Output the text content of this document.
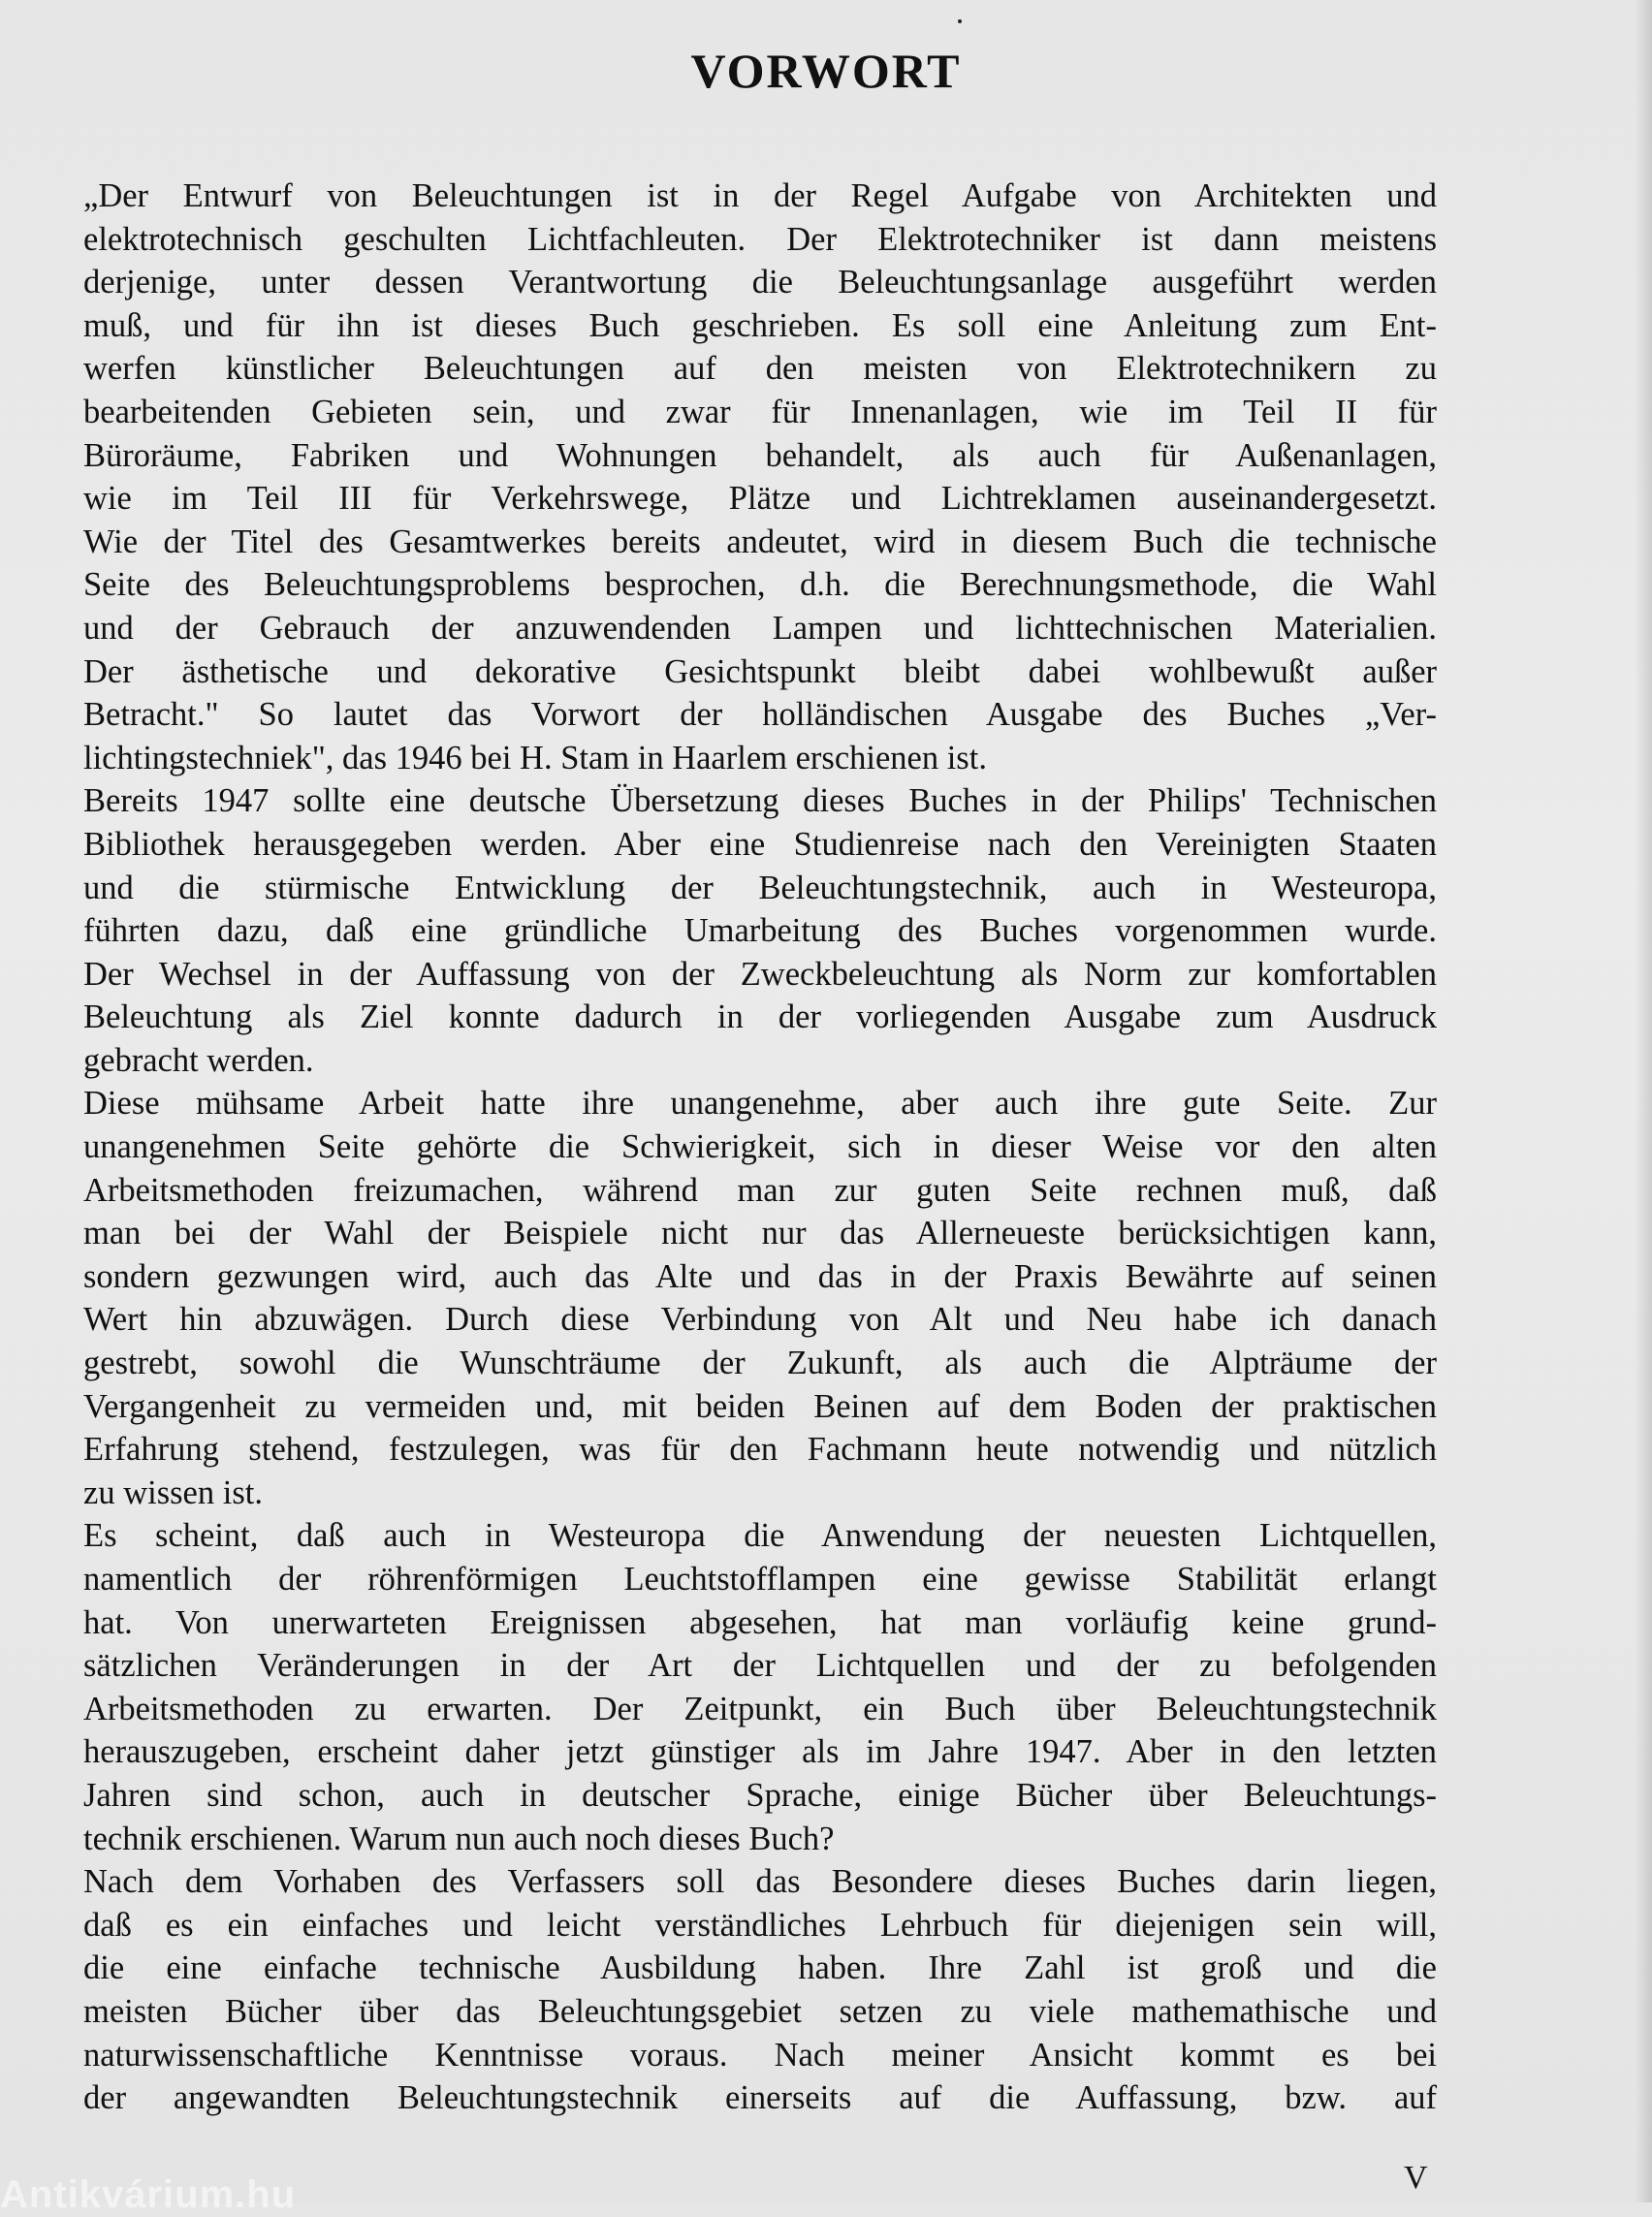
VORWORT

„Der Entwurf von Beleuchtungen ist in der Regel Aufgabe von Architekten und

elektrotechnisch geschulten Lichtfachleuten. Der Elektrotechniker ist dann meistens

derjenige, unter dessen Verantwortung die Beleuchtungsanlage ausgeführt werden

muß, und für ihn ist dieses Buch geschrieben. Es soll eine Anleitung zum Ent-

werfen künstlicher Beleuchtungen auf den meisten von Elektrotechnikern zu

bearbeitenden Gebieten sein, und zwar für Innenanlagen, wie im Teil II für

Büroräume, Fabriken und Wohnungen behandelt, als auch für Außenanlagen,

wie im Teil III für Verkehrswege, Plätze und Lichtreklamen auseinandergesetzt.

Wie der Titel des Gesamtwerkes bereits andeutet, wird in diesem Buch die technische

Seite des Beleuchtungsproblems besprochen, d.h. die Berechnungsmethode, die Wahl

und der Gebrauch der anzuwendenden Lampen und lichttechnischen Materialien.

Der ästhetische und dekorative Gesichtspunkt bleibt dabei wohlbewußt außer

Betracht." So lautet das Vorwort der holländischen Ausgabe des Buches „Ver-

lichtingstechniek", das 1946 bei H. Stam in Haarlem erschienen ist.

Bereits 1947 sollte eine deutsche Übersetzung dieses Buches in der Philips' Technischen

Bibliothek herausgegeben werden. Aber eine Studienreise nach den Vereinigten Staaten

und die stürmische Entwicklung der Beleuchtungstechnik, auch in Westeuropa,

führten dazu, daß eine gründliche Umarbeitung des Buches vorgenommen wurde.

Der Wechsel in der Auffassung von der Zweckbeleuchtung als Norm zur komfortablen

Beleuchtung als Ziel konnte dadurch in der vorliegenden Ausgabe zum Ausdruck

gebracht werden.

Diese mühsame Arbeit hatte ihre unangenehme, aber auch ihre gute Seite. Zur

unangenehmen Seite gehörte die Schwierigkeit, sich in dieser Weise vor den alten

Arbeitsmethoden freizumachen, während man zur guten Seite rechnen muß, daß

man bei der Wahl der Beispiele nicht nur das Allerneueste berücksichtigen kann,

sondern gezwungen wird, auch das Alte und das in der Praxis Bewährte auf seinen

Wert hin abzuwägen. Durch diese Verbindung von Alt und Neu habe ich danach

gestrebt, sowohl die Wunschträume der Zukunft, als auch die Alpträume der

Vergangenheit zu vermeiden und, mit beiden Beinen auf dem Boden der praktischen

Erfahrung stehend, festzulegen, was für den Fachmann heute notwendig und nützlich

zu wissen ist.

Es scheint, daß auch in Westeuropa die Anwendung der neuesten Lichtquellen,

namentlich der röhrenförmigen Leuchtstofflampen eine gewisse Stabilität erlangt

hat. Von unerwarteten Ereignissen abgesehen, hat man vorläufig keine grund-

sätzlichen Veränderungen in der Art der Lichtquellen und der zu befolgenden

Arbeitsmethoden zu erwarten. Der Zeitpunkt, ein Buch über Beleuchtungstechnik

herauszugeben, erscheint daher jetzt günstiger als im Jahre 1947. Aber in den letzten

Jahren sind schon, auch in deutscher Sprache, einige Bücher über Beleuchtungs-

technik erschienen. Warum nun auch noch dieses Buch?

Nach dem Vorhaben des Verfassers soll das Besondere dieses Buches darin liegen,

daß es ein einfaches und leicht verständliches Lehrbuch für diejenigen sein will,

die eine einfache technische Ausbildung haben. Ihre Zahl ist groß und die

meisten Bücher über das Beleuchtungsgebiet setzen zu viele mathemathische und

naturwissenschaftliche Kenntnisse voraus. Nach meiner Ansicht kommt es bei

der angewandten Beleuchtungstechnik einerseits auf die Auffassung, bzw. auf

V

Antikvárium.hu
